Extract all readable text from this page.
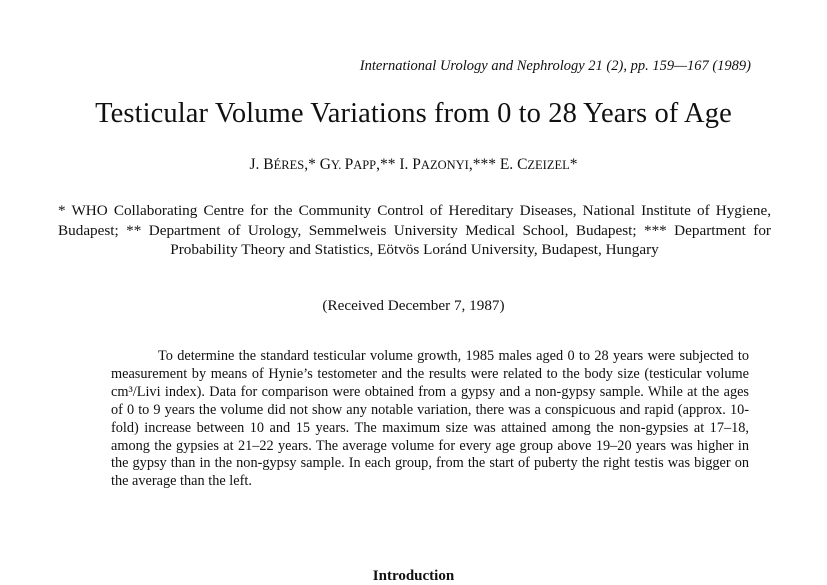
International Urology and Nephrology 21 (2), pp. 159—167 (1989)
Testicular Volume Variations from 0 to 28 Years of Age
J. BÉRES,* GY. PAPP,** I. PAZONYI,*** E. CZEIZEL*
* WHO Collaborating Centre for the Community Control of Hereditary Diseases, National Institute of Hygiene, Budapest; ** Department of Urology, Semmelweis University Medical School, Budapest; *** Department for Probability Theory and Statistics, Eötvös Loránd University, Budapest, Hungary
(Received December 7, 1987)
To determine the standard testicular volume growth, 1985 males aged 0 to 28 years were subjected to measurement by means of Hynie’s testometer and the results were related to the body size (testicular volume cm³/Livi index). Data for comparison were obtained from a gypsy and a non-gypsy sample. While at the ages of 0 to 9 years the volume did not show any notable variation, there was a conspicuous and rapid (approx. 10-fold) increase between 10 and 15 years. The maximum size was attained among the non-gypsies at 17–18, among the gypsies at 21–22 years. The average volume for every age group above 19–20 years was higher in the gypsy than in the non-gypsy sample. In each group, from the start of puberty the right testis was bigger on the average than the left.
Introduction
